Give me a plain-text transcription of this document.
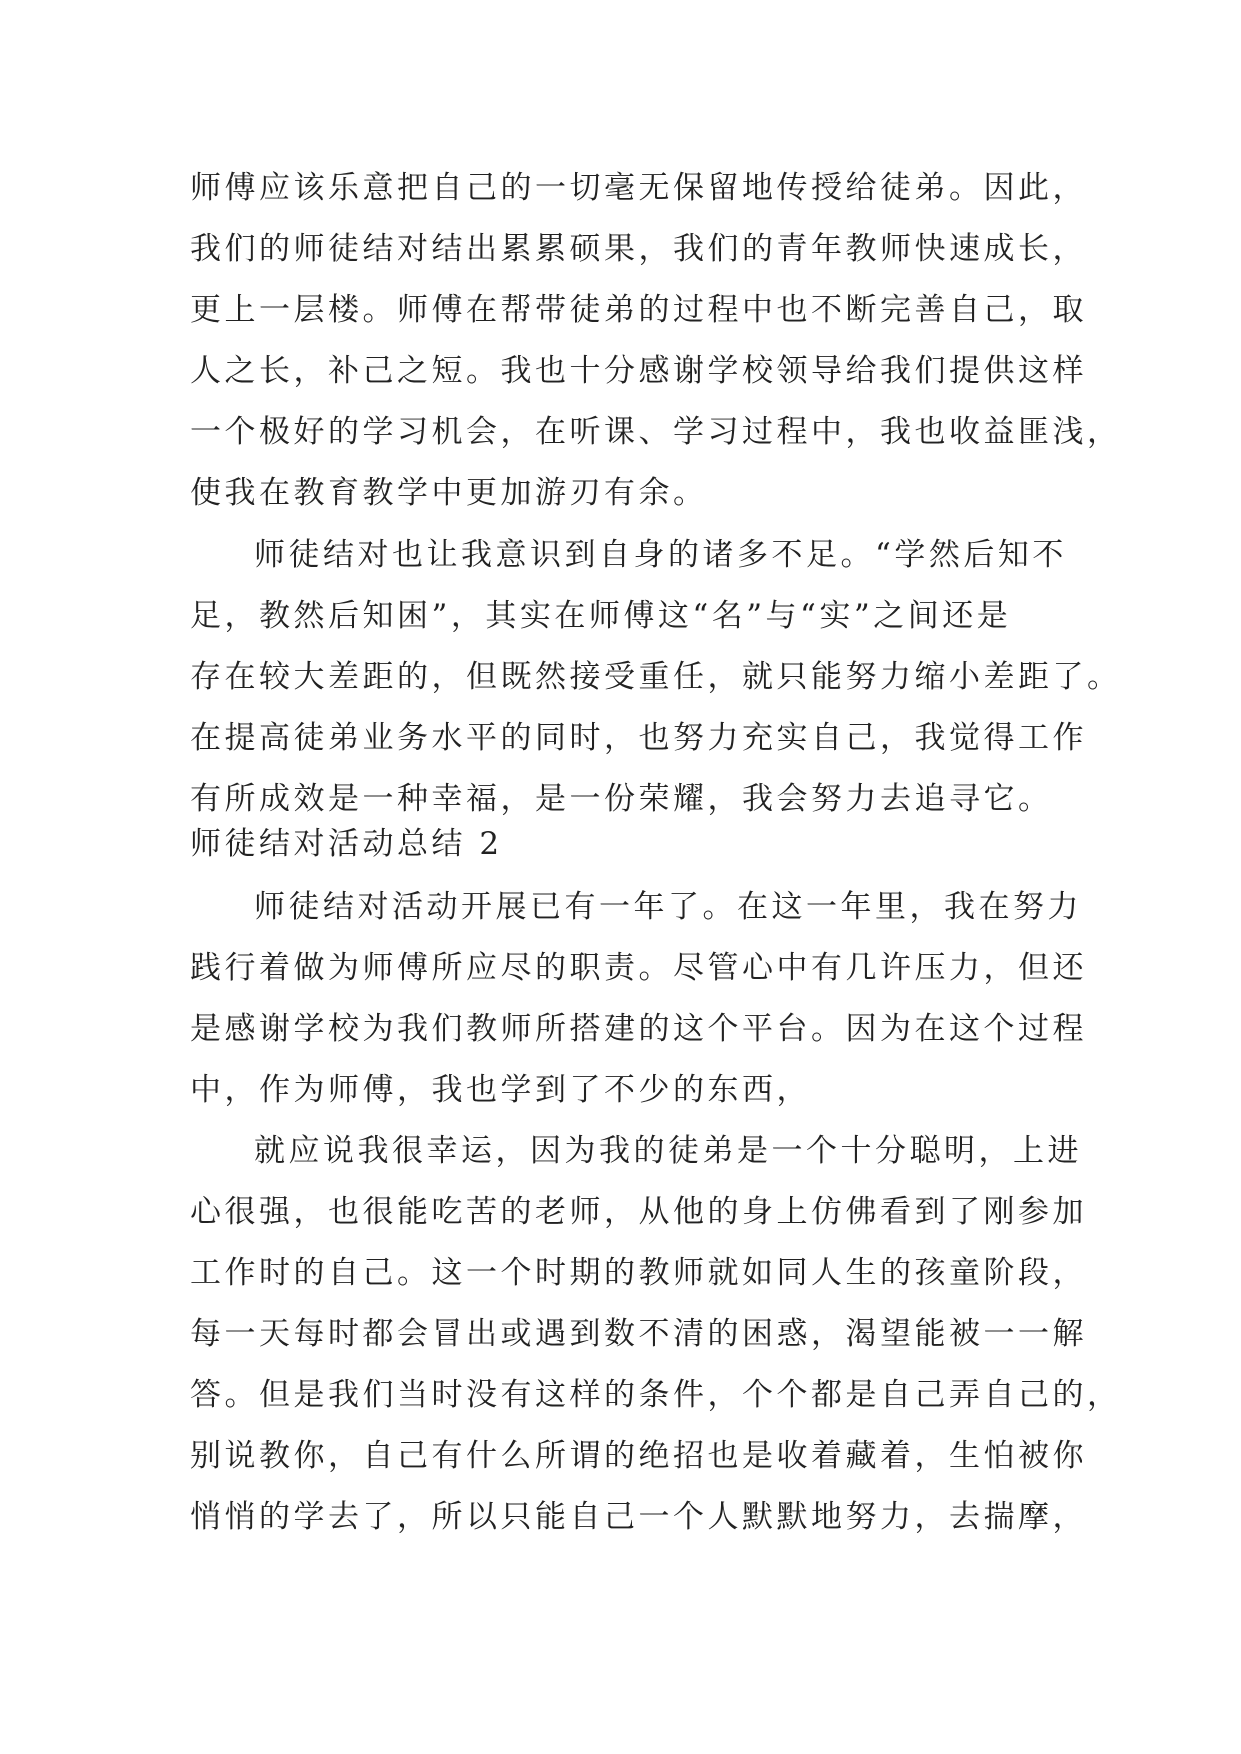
师傅应该乐意把自己的一切毫无保留地传授给徒弟。因此，
我们的师徒结对结出累累硕果，我们的青年教师快速成长，
更上一层楼。师傅在帮带徒弟的过程中也不断完善自己，取
人之长，补己之短。我也十分感谢学校领导给我们提供这样
一个极好的学习机会，在听课、学习过程中，我也收益匪浅，
使我在教育教学中更加游刃有余。
师徒结对也让我意识到自身的诸多不足。“学然后知不
足，教然后知困”，其实在师傅这“名”与“实”之间还是
存在较大差距的，但既然接受重任，就只能努力缩小差距了。
在提高徒弟业务水平的同时，也努力充实自己，我觉得工作
有所成效是一种幸福，是一份荣耀，我会努力去追寻它。
师徒结对活动总结 2
师徒结对活动开展已有一年了。在这一年里，我在努力
践行着做为师傅所应尽的职责。尽管心中有几许压力，但还
是感谢学校为我们教师所搭建的这个平台。因为在这个过程
中，作为师傅，我也学到了不少的东西，
就应说我很幸运，因为我的徒弟是一个十分聪明，上进
心很强，也很能吃苦的老师，从他的身上仿佛看到了刚参加
工作时的自己。这一个时期的教师就如同人生的孩童阶段，
每一天每时都会冒出或遇到数不清的困惑，渴望能被一一解
答。但是我们当时没有这样的条件，个个都是自己弄自己的，
别说教你，自己有什么所谓的绝招也是收着藏着，生怕被你
悄悄的学去了，所以只能自己一个人默默地努力，去揣摩，
